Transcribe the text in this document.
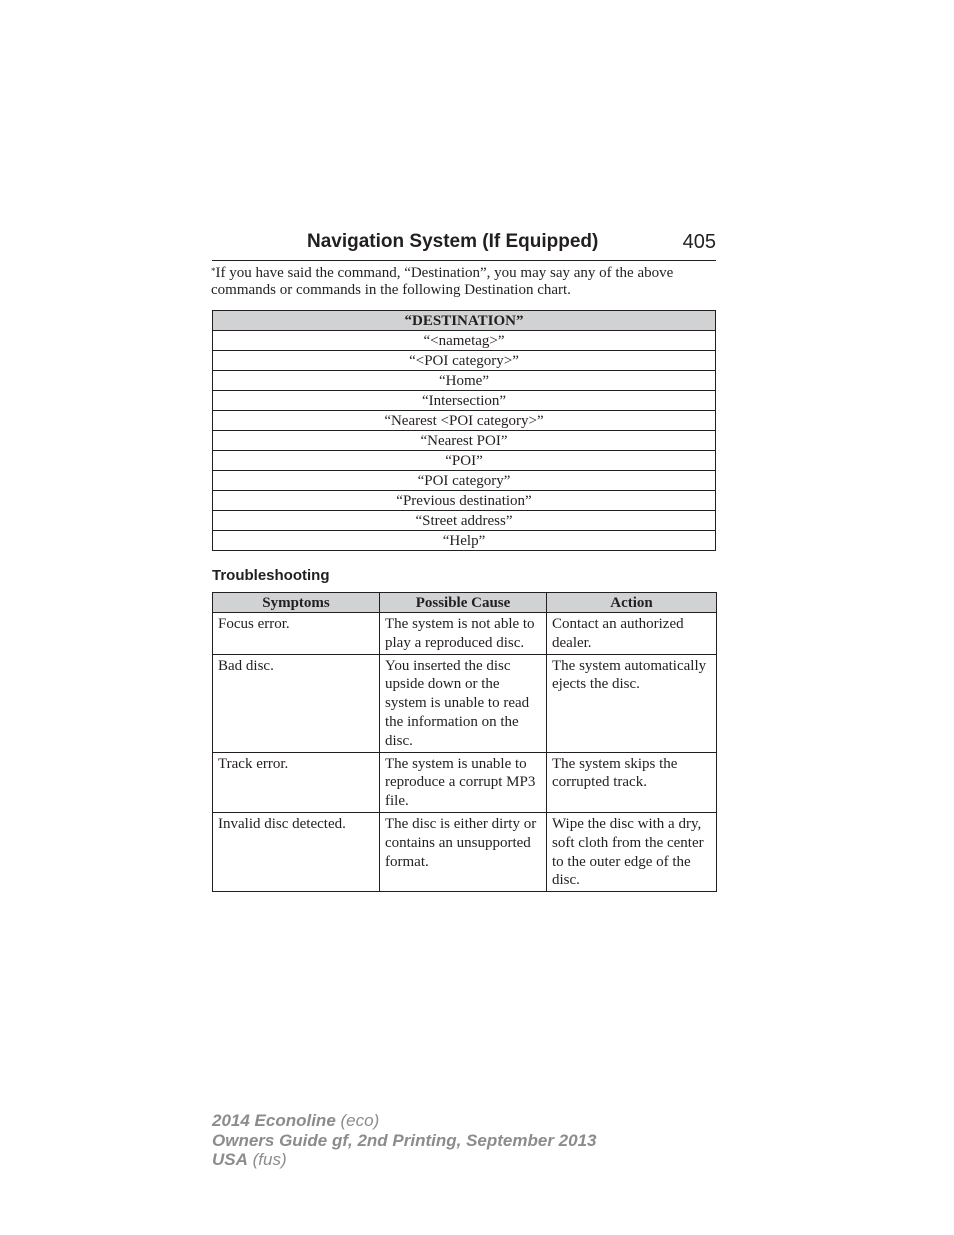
Navigation System (If Equipped)	405
*If you have said the command, “Destination”, you may say any of the above commands or commands in the following Destination chart.
“DESTINATION”
“<nametag>”
“<POI category>”
“Home”
“Intersection”
“Nearest <POI category>”
“Nearest POI”
“POI”
“POI category”
“Previous destination”
“Street address”
“Help”
Troubleshooting
Symptoms	Possible Cause	Action
Focus error.	The system is not able to play a reproduced disc.	Contact an authorized dealer.
Bad disc.	You inserted the disc upside down or the system is unable to read the information on the disc.	The system automatically ejects the disc.
Track error.	The system is unable to reproduce a corrupt MP3 file.	The system skips the corrupted track.
Invalid disc detected.	The disc is either dirty or contains an unsupported format.	Wipe the disc with a dry, soft cloth from the center to the outer edge of the disc.
2014 Econoline (eco)
Owners Guide gf, 2nd Printing, September 2013
USA (fus)
